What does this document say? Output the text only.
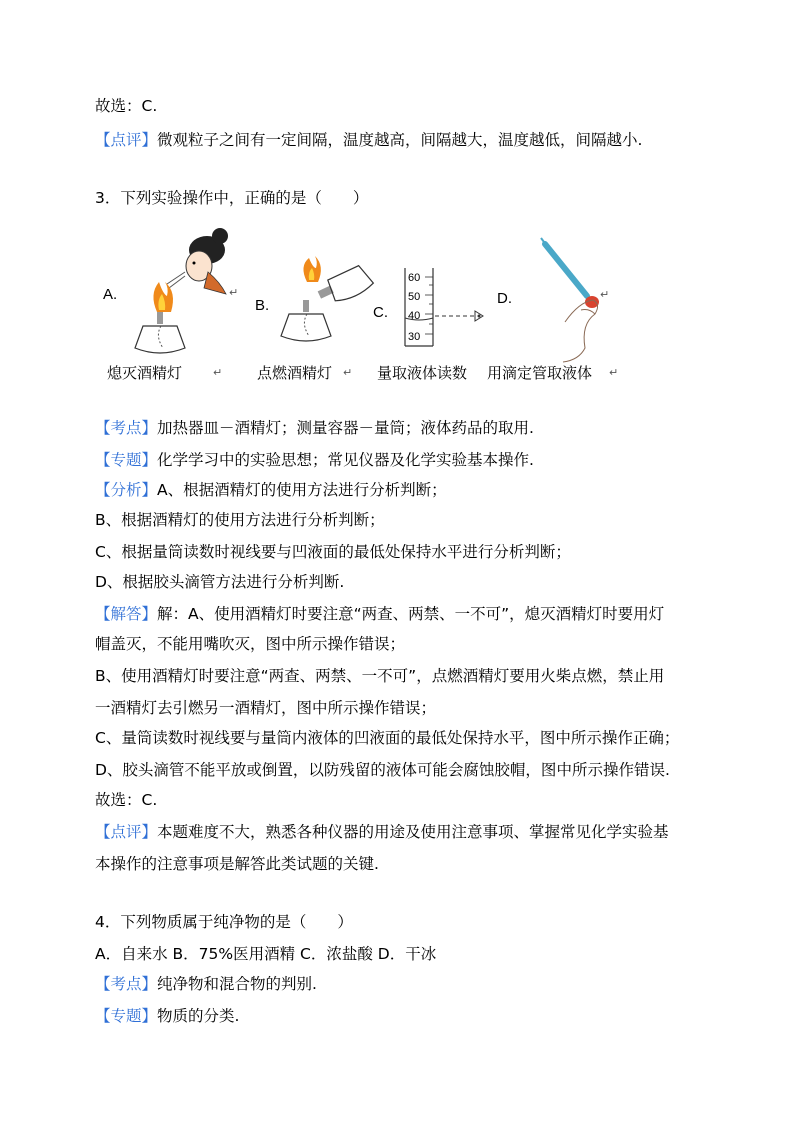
故选：C.
【点评】微观粒子之间有一定间隔，温度越高，间隔越大，温度越低，间隔越小.
3．下列实验操作中，正确的是（　　）
60
50
40
30
A.
B.	C.
D.
↵	↵
熄灭酒精灯	↵ 点燃酒精灯 ↵ 量取液体读数 用滴定管取液体 ↵
【考点】加热器皿－酒精灯；测量容器－量筒；液体药品的取用.
【专题】化学学习中的实验思想；常见仪器及化学实验基本操作.
【分析】A、根据酒精灯的使用方法进行分析判断；
B、根据酒精灯的使用方法进行分析判断；
C、根据量筒读数时视线要与凹液面的最低处保持水平进行分析判断；
D、根据胶头滴管方法进行分析判断.
【解答】解：A、使用酒精灯时要注意“两查、两禁、一不可”，熄灭酒精灯时要用灯
帽盖灭，不能用嘴吹灭，图中所示操作错误；
B、使用酒精灯时要注意“两查、两禁、一不可”，点燃酒精灯要用火柴点燃，禁止用
一酒精灯去引燃另一酒精灯，图中所示操作错误；
C、量筒读数时视线要与量筒内液体的凹液面的最低处保持水平，图中所示操作正确；
D、胶头滴管不能平放或倒置，以防残留的液体可能会腐蚀胶帽，图中所示操作错误.
故选：C.
【点评】本题难度不大，熟悉各种仪器的用途及使用注意事项、掌握常见化学实验基
本操作的注意事项是解答此类试题的关键.
4．下列物质属于纯净物的是（　　）
A．自来水 B．75%医用酒精 C．浓盐酸 D．干冰
【考点】纯净物和混合物的判别.
【专题】物质的分类.
